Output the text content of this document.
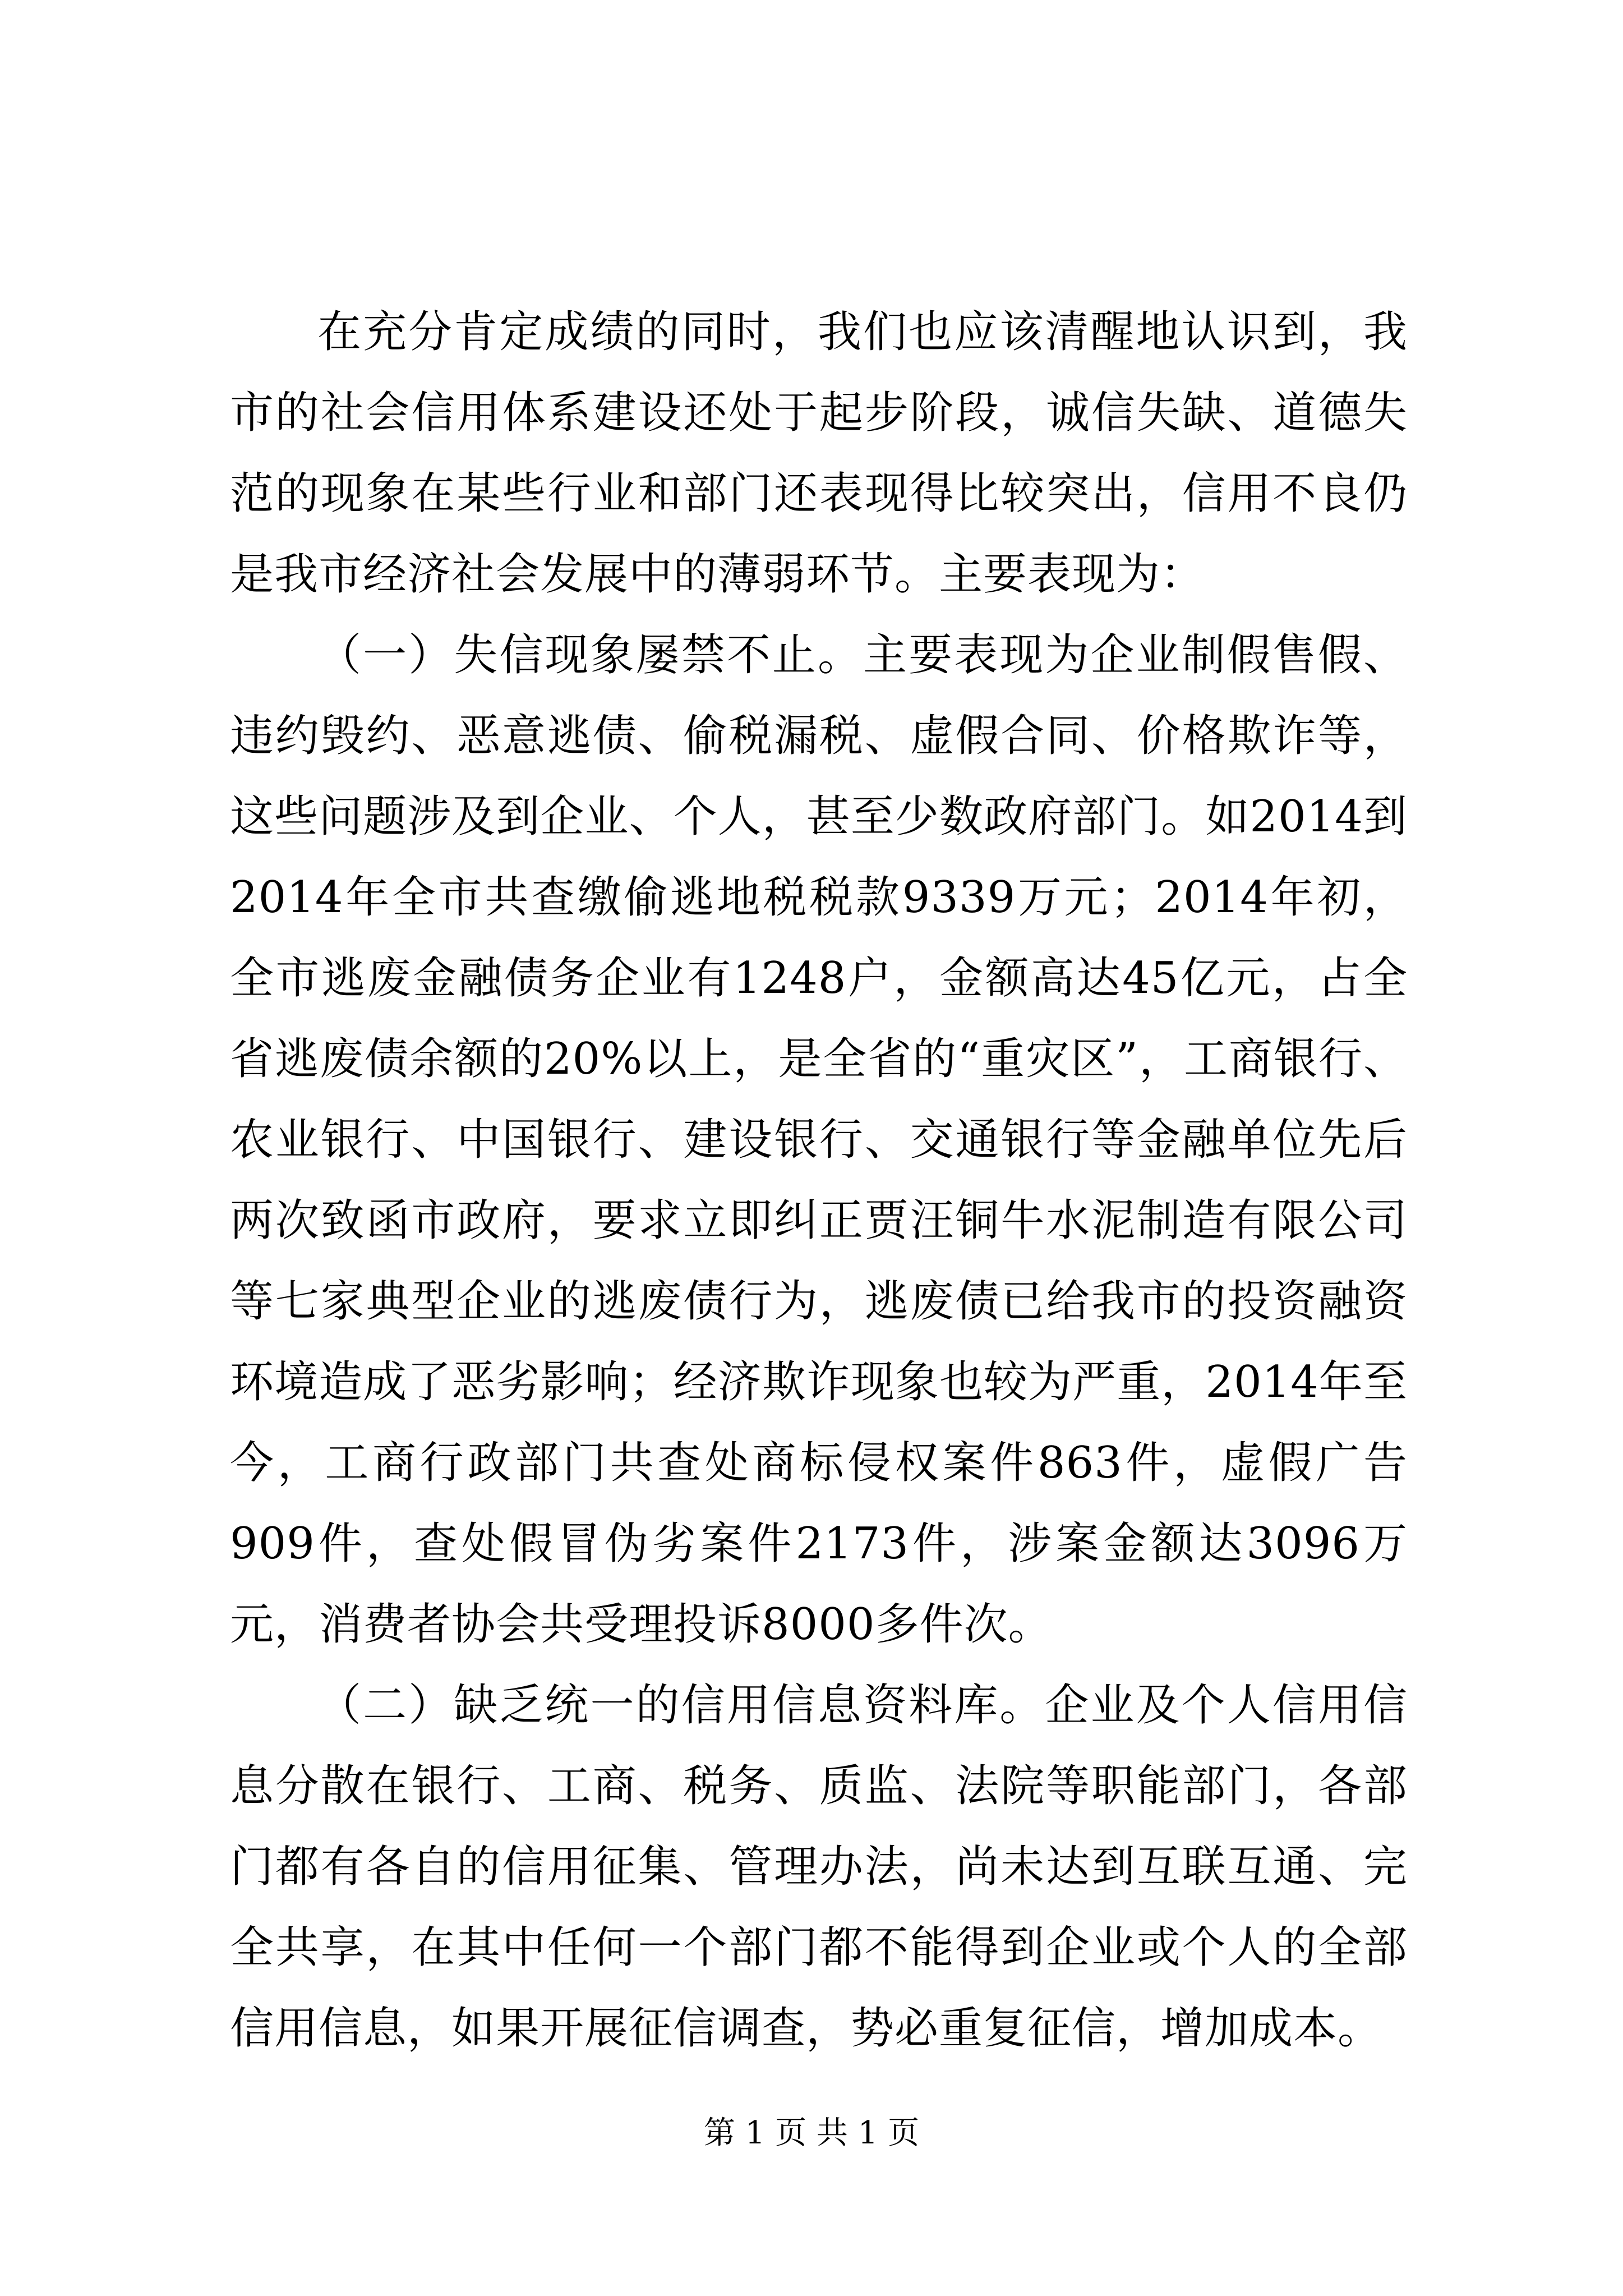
在充分肯定成绩的同时，我们也应该清醒地认识到，我市的社会信用体系建设还处于起步阶段，诚信失缺、道德失范的现象在某些行业和部门还表现得比较突出，信用不良仍是我市经济社会发展中的薄弱环节。主要表现为：

（一）失信现象屡禁不止。主要表现为企业制假售假、违约毁约、恶意逃债、偷税漏税、虚假合同、价格欺诈等，这些问题涉及到企业、个人，甚至少数政府部门。如2014到2014年全市共查缴偷逃地税税款9339万元；2014年初，全市逃废金融债务企业有1248户，金额高达45亿元，占全省逃废债余额的20%以上，是全省的“重灾区”，工商银行、农业银行、中国银行、建设银行、交通银行等金融单位先后两次致函市政府，要求立即纠正贾汪铜牛水泥制造有限公司等七家典型企业的逃废债行为，逃废债已给我市的投资融资环境造成了恶劣影响；经济欺诈现象也较为严重，2014年至今，工商行政部门共查处商标侵权案件863件，虚假广告909件，查处假冒伪劣案件2173件，涉案金额达3096万元，消费者协会共受理投诉8000多件次。

（二）缺乏统一的信用信息资料库。企业及个人信用信息分散在银行、工商、税务、质监、法院等职能部门，各部门都有各自的信用征集、管理办法，尚未达到互联互通、完全共享，在其中任何一个部门都不能得到企业或个人的全部信用信息，如果开展征信调查，势必重复征信，增加成本。

第 1 页 共 1 页
